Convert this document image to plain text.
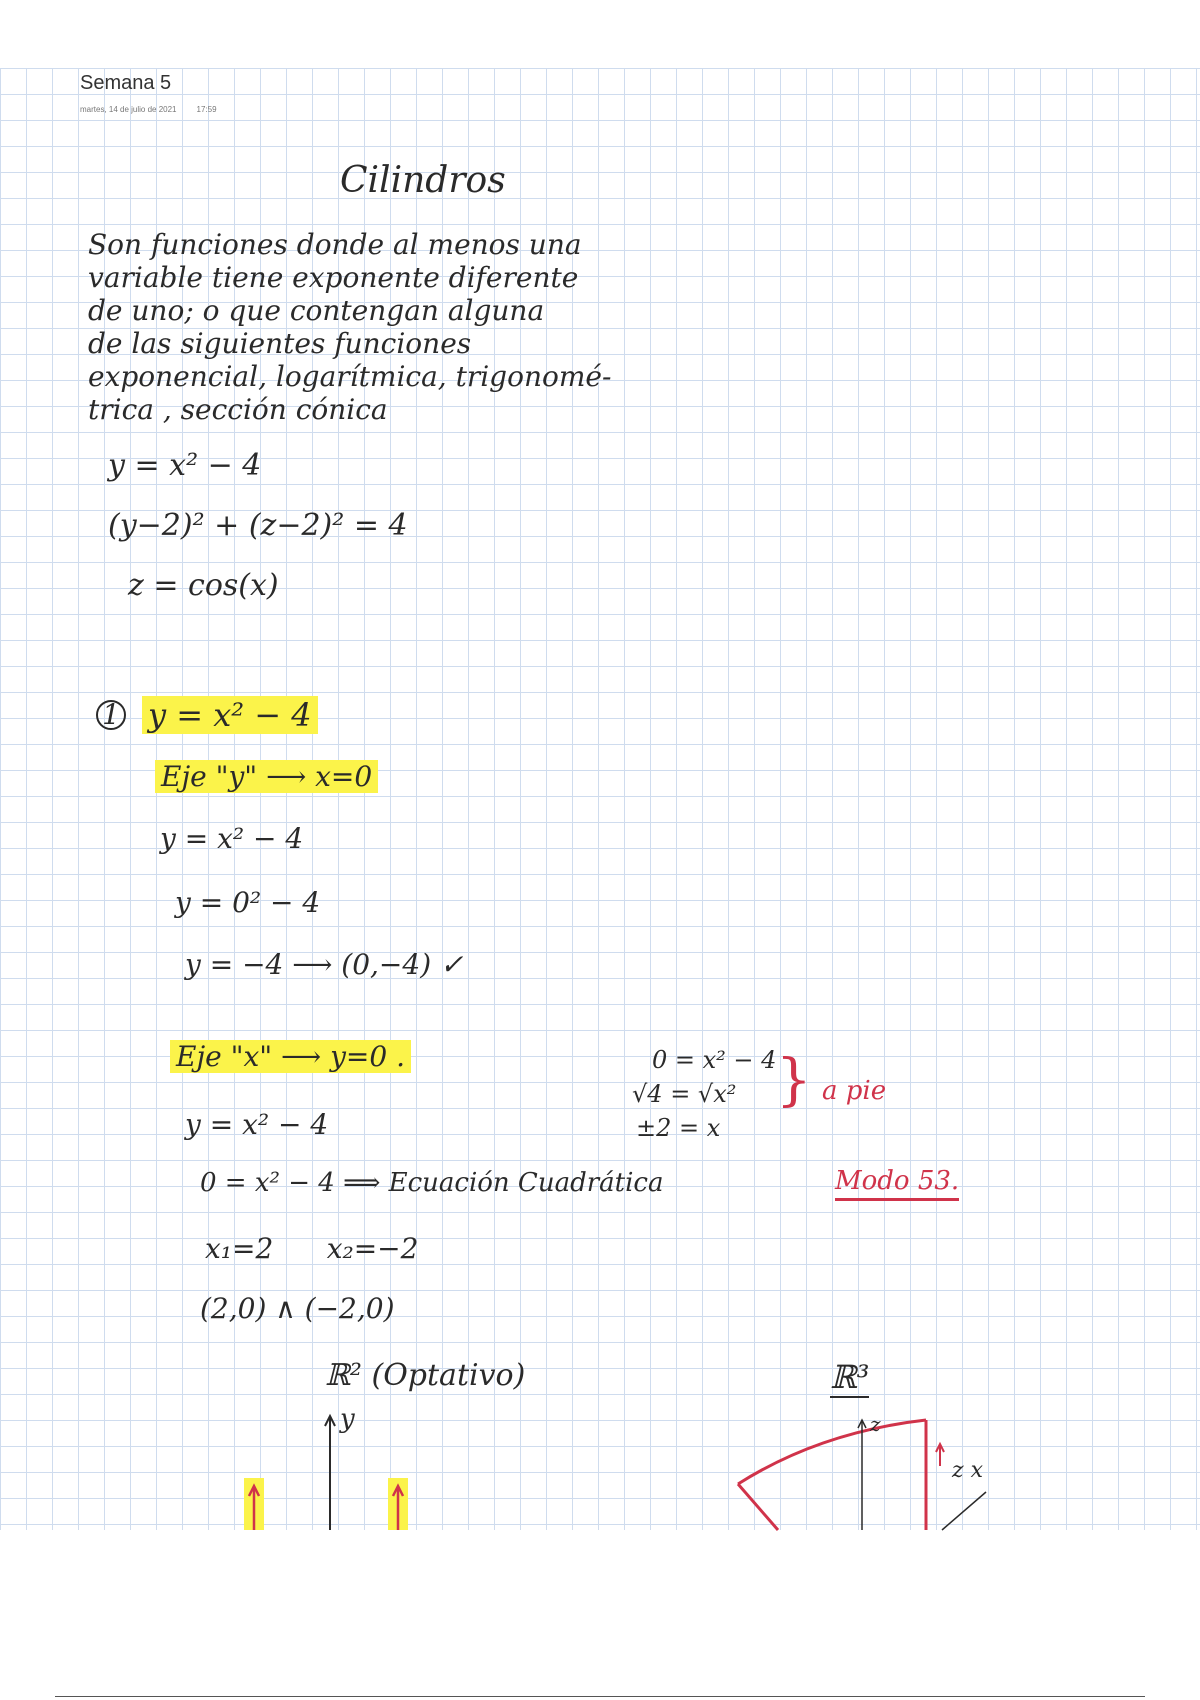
Semana 5
martes, 14 de julio de 2021	17:59
Cilindros
Son funciones donde al menos una
variable tiene exponente diferente
de uno; o que contengan alguna
de las siguientes funciones
exponencial, logarítmica, trigonomé-
trica , sección cónica
y = x² − 4
(y−2)² + (z−2)² = 4
z = cos(x)
1 y = x² − 4
Eje "y" ⟶ x=0
y = x² − 4
y = 0² − 4
y = −4 ⟶ (0,−4) ✓
Eje "x" ⟶ y=0 .
y = x² − 4
0 = x² − 4 ⟹ Ecuación Cuadrática	Modo 53.
x₁=2      x₂=−2
(2,0) ∧ (−2,0)
0 = x² − 4
√4 = √x²
±2 = x
} a pie
ℝ² (Optativo)	ℝ³
y	z
z x
